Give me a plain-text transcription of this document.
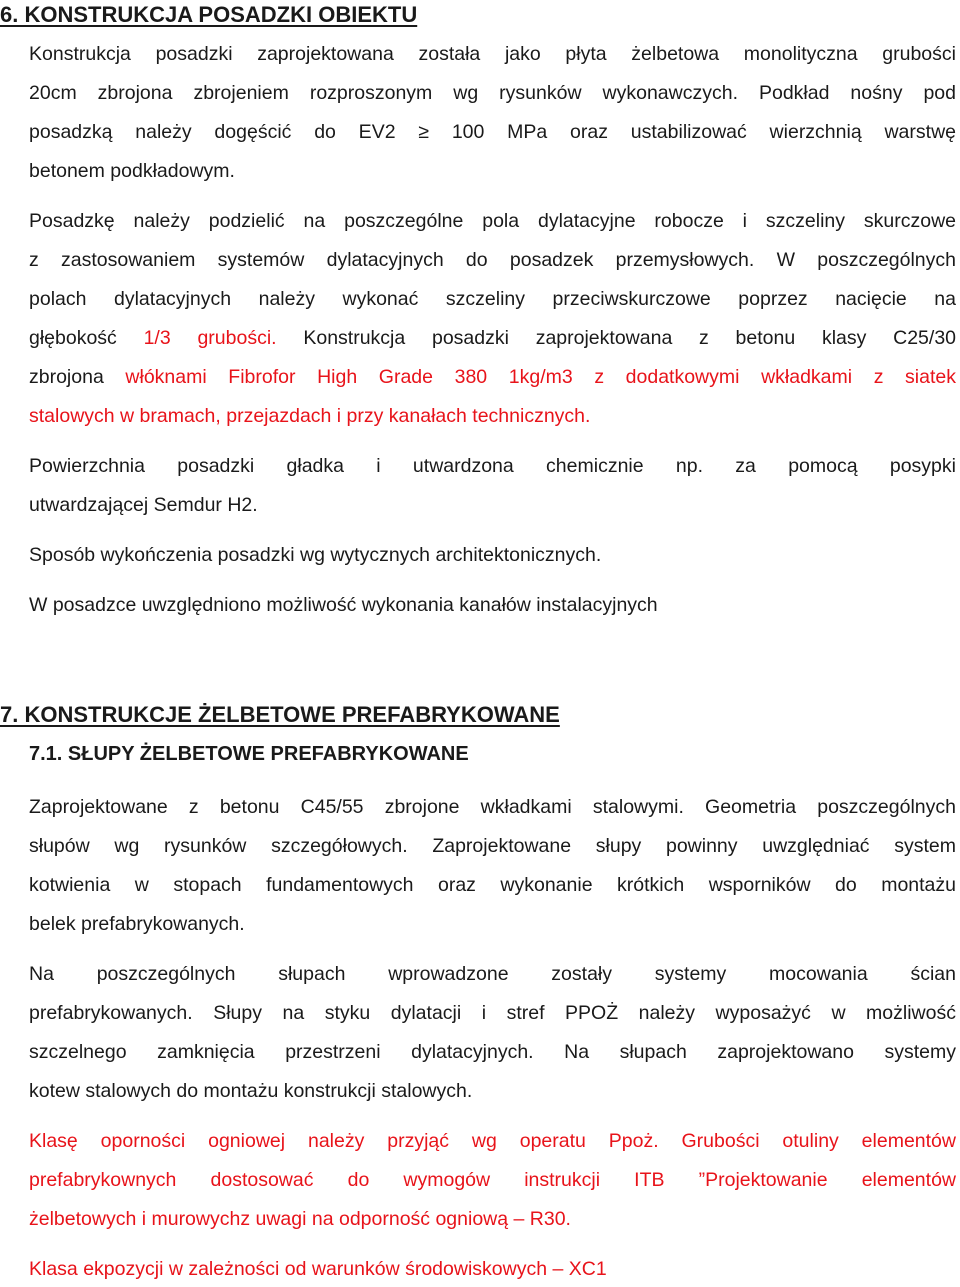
6. KONSTRUKCJA POSADZKI OBIEKTU
Konstrukcja posadzki zaprojektowana została jako płyta żelbetowa monolityczna grubości
20cm zbrojona zbrojeniem rozproszonym wg rysunków wykonawczych. Podkład nośny pod
posadzką należy dogęścić do EV2 ≥ 100 MPa oraz ustabilizować wierzchnią warstwę
betonem podkładowym.
Posadzkę należy podzielić na poszczególne pola dylatacyjne robocze i szczeliny skurczowe
z zastosowaniem systemów dylatacyjnych do posadzek przemysłowych. W poszczególnych
polach dylatacyjnych należy wykonać szczeliny przeciwskurczowe poprzez nacięcie na
głębokość 1/3 grubości. Konstrukcja posadzki zaprojektowana z betonu klasy C25/30
zbrojona włóknami Fibrofor High Grade 380 1kg/m3 z dodatkowymi wkładkami z siatek
stalowych w bramach, przejazdach i przy kanałach technicznych.
Powierzchnia posadzki gładka i utwardzona chemicznie np. za pomocą posypki
utwardzającej Semdur H2.
Sposób wykończenia posadzki wg wytycznych architektonicznych.
W posadzce uwzględniono możliwość wykonania kanałów instalacyjnych
7. KONSTRUKCJE ŻELBETOWE PREFABRYKOWANE
7.1. SŁUPY ŻELBETOWE PREFABRYKOWANE
Zaprojektowane z betonu C45/55 zbrojone wkładkami stalowymi. Geometria poszczególnych
słupów wg rysunków szczegółowych. Zaprojektowane słupy powinny uwzględniać system
kotwienia w stopach fundamentowych oraz wykonanie krótkich wsporników do montażu
belek prefabrykowanych.
Na poszczególnych słupach wprowadzone zostały systemy mocowania ścian
prefabrykowanych. Słupy na styku dylatacji i stref PPOŻ należy wyposażyć w możliwość
szczelnego zamknięcia przestrzeni dylatacyjnych. Na słupach zaprojektowano systemy
kotew stalowych do montażu konstrukcji stalowych.
Klasę oporności ogniowej należy przyjąć wg operatu Ppoż. Grubości otuliny elementów
prefabrykownych dostosować do wymogów instrukcji ITB ”Projektowanie elementów
żelbetowych i murowychz uwagi na odporność ogniową – R30.
Klasa ekpozycji w zależności od warunków środowiskowych – XC1
